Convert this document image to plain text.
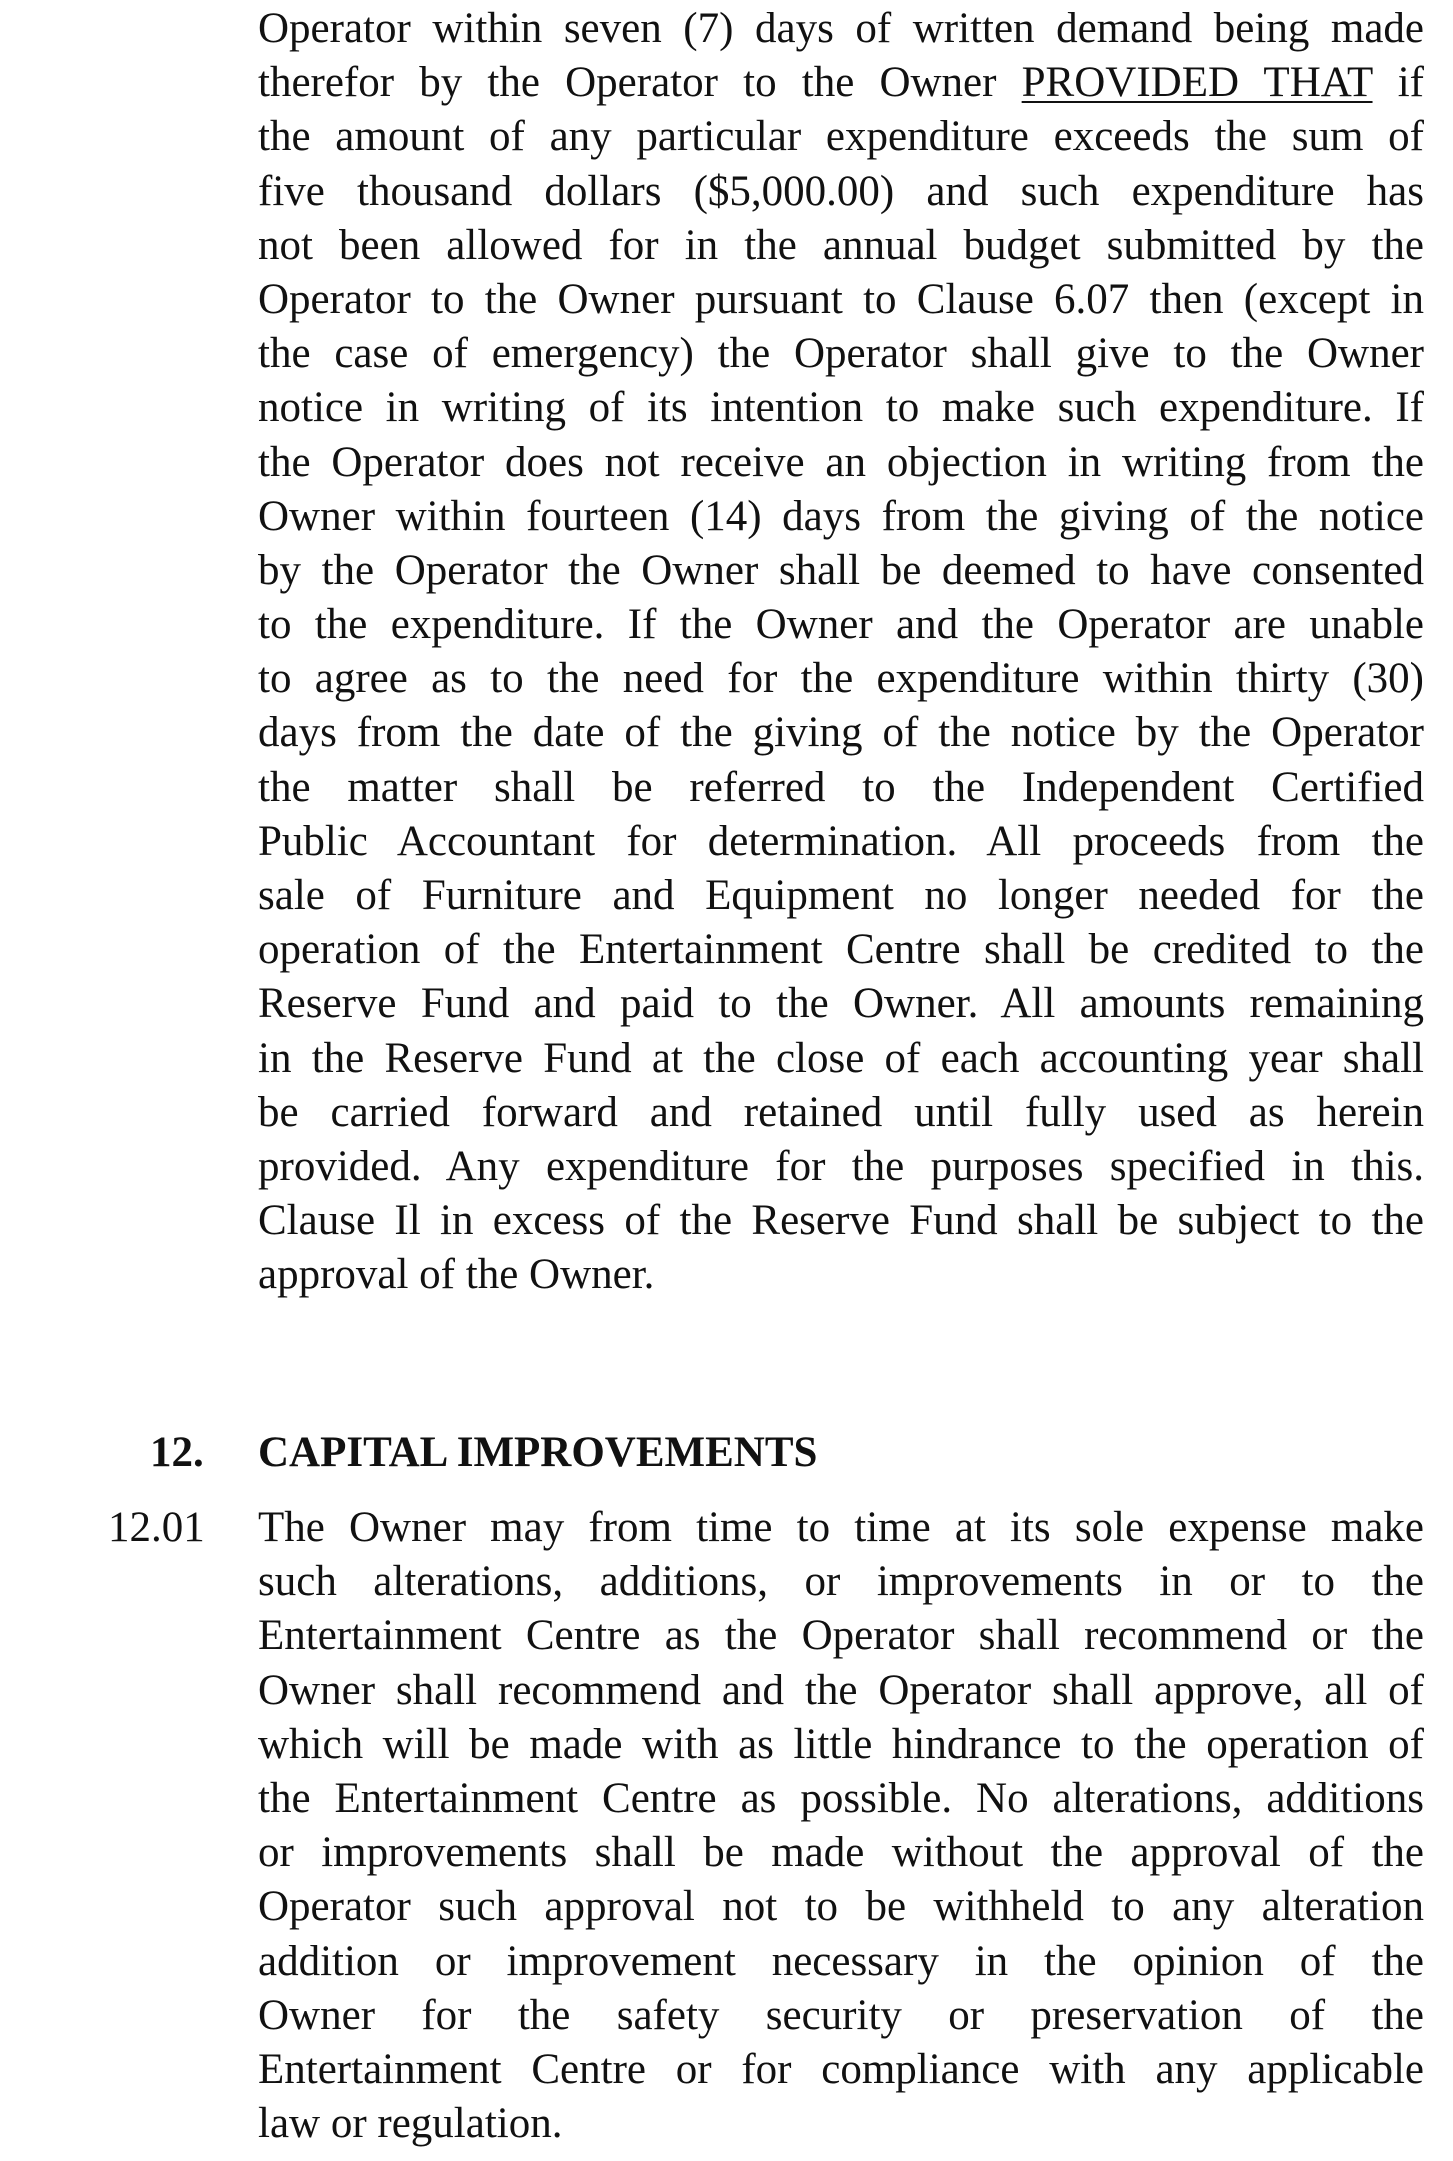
Operator within seven (7) days of written demand being made
therefor by the Operator to the Owner PROVIDED THAT if
the amount of any particular expenditure exceeds the sum of
five thousand dollars ($5,000.00) and such expenditure has
not been allowed for in the annual budget submitted by the
Operator to the Owner pursuant to Clause 6.07 then (except in
the case of emergency) the Operator shall give to the Owner
notice in writing of its intention to make such expenditure. If
the Operator does not receive an objection in writing from the
Owner within fourteen (14) days from the giving of the notice
by the Operator the Owner shall be deemed to have consented
to the expenditure. If the Owner and the Operator are unable
to agree as to the need for the expenditure within thirty (30)
days from the date of the giving of the notice by the Operator
the matter shall be referred to the Independent Certified
Public Accountant for determination. All proceeds from the
sale of Furniture and Equipment no longer needed for the
operation of the Entertainment Centre shall be credited to the
Reserve Fund and paid to the Owner. All amounts remaining
in the Reserve Fund at the close of each accounting year shall
be carried forward and retained until fully used as herein
provided. Any expenditure for the purposes specified in this.
Clause Il in excess of the Reserve Fund shall be subject to the
approval of the Owner.
12. CAPITAL IMPROVEMENTS
12.01 The Owner may from time to time at its sole expense make
such alterations, additions, or improvements in or to the
Entertainment Centre as the Operator shall recommend or the
Owner shall recommend and the Operator shall approve, all of
which will be made with as little hindrance to the operation of
the Entertainment Centre as possible. No alterations, additions
or improvements shall be made without the approval of the
Operator such approval not to be withheld to any alteration
addition or improvement necessary in the opinion of the
Owner for the safety security or preservation of the
Entertainment Centre or for compliance with any applicable
law or regulation.
